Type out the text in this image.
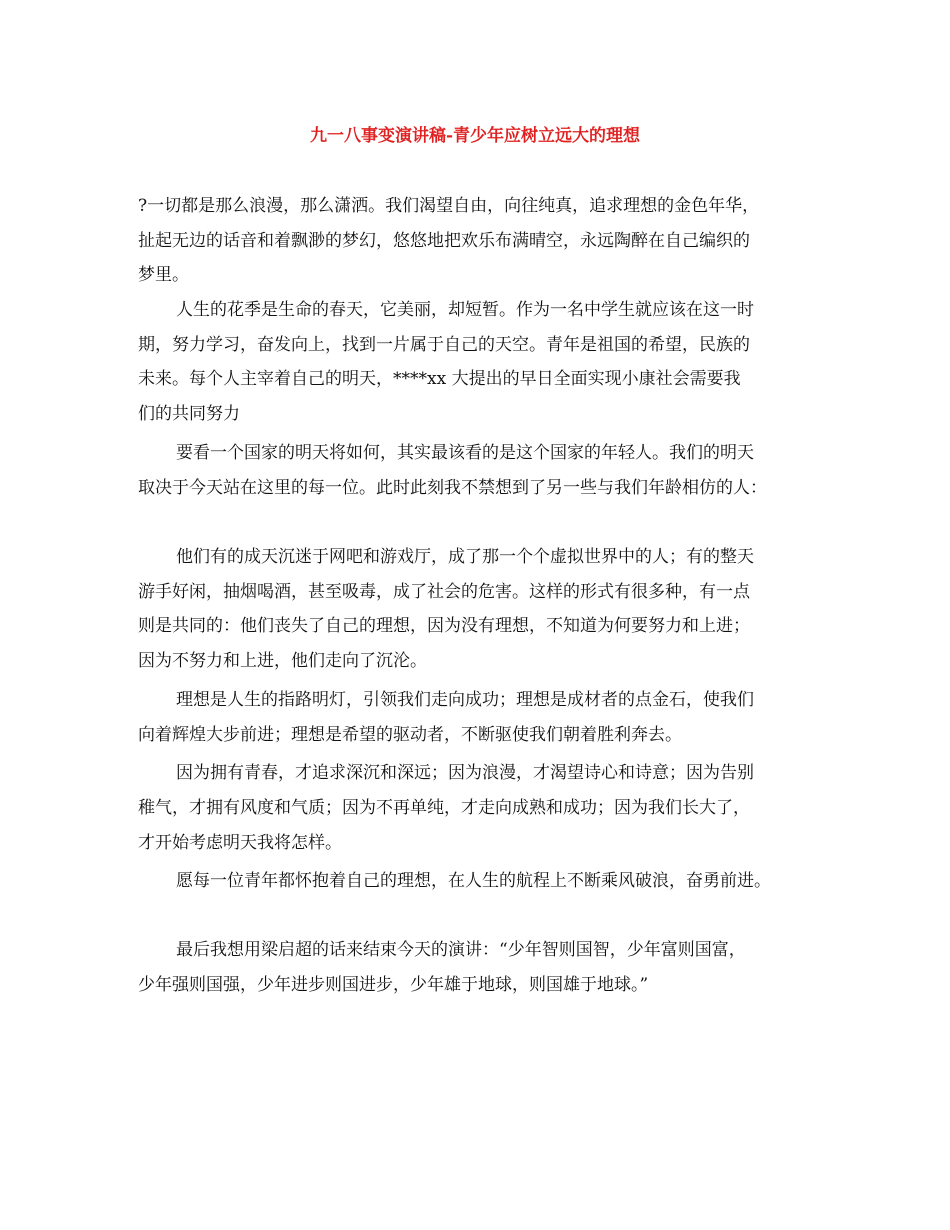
九一八事变演讲稿-青少年应树立远大的理想

?一切都是那么浪漫，那么潇洒。我们渴望自由，向往纯真，追求理想的金色年华，

扯起无边的话音和着飘渺的梦幻，悠悠地把欢乐布满晴空，永远陶醉在自己编织的

梦里。

人生的花季是生命的春天，它美丽，却短暂。作为一名中学生就应该在这一时

期，努力学习，奋发向上，找到一片属于自己的天空。青年是祖国的希望，民族的

未来。每个人主宰着自己的明天，****xx 大提出的早日全面实现小康社会需要我

们的共同努力

要看一个国家的明天将如何，其实最该看的是这个国家的年轻人。我们的明天

取决于今天站在这里的每一位。此时此刻我不禁想到了另一些与我们年龄相仿的人：

他们有的成天沉迷于网吧和游戏厅，成了那一个个虚拟世界中的人；有的整天

游手好闲，抽烟喝酒，甚至吸毒，成了社会的危害。这样的形式有很多种，有一点

则是共同的：他们丧失了自己的理想，因为没有理想，不知道为何要努力和上进；

因为不努力和上进，他们走向了沉沦。

理想是人生的指路明灯，引领我们走向成功；理想是成材者的点金石，使我们

向着辉煌大步前进；理想是希望的驱动者，不断驱使我们朝着胜利奔去。

因为拥有青春，才追求深沉和深远；因为浪漫，才渴望诗心和诗意；因为告别

稚气，才拥有风度和气质；因为不再单纯，才走向成熟和成功；因为我们长大了，

才开始考虑明天我将怎样。

愿每一位青年都怀抱着自己的理想，在人生的航程上不断乘风破浪，奋勇前进。

最后我想用梁启超的话来结束今天的演讲：“少年智则国智，少年富则国富，

少年强则国强，少年进步则国进步，少年雄于地球，则国雄于地球。”
